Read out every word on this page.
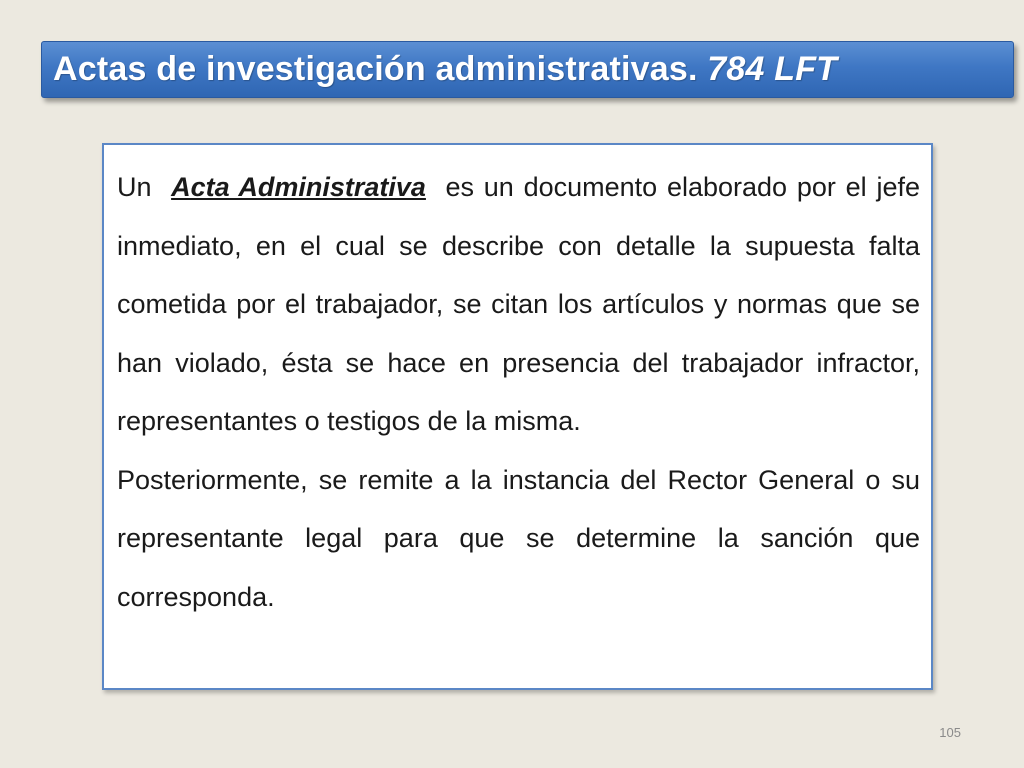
Actas de investigación administrativas. 784 LFT

Un Acta Administrativa es un documento elaborado por el jefe inmediato, en el cual se describe con detalle la supuesta falta cometida por el trabajador, se citan los artículos y normas que se han violado, ésta se hace en presencia del trabajador infractor, representantes o testigos de la misma.

Posteriormente, se remite a la instancia del Rector General o su representante legal para que se determine la sanción que corresponda.

105
